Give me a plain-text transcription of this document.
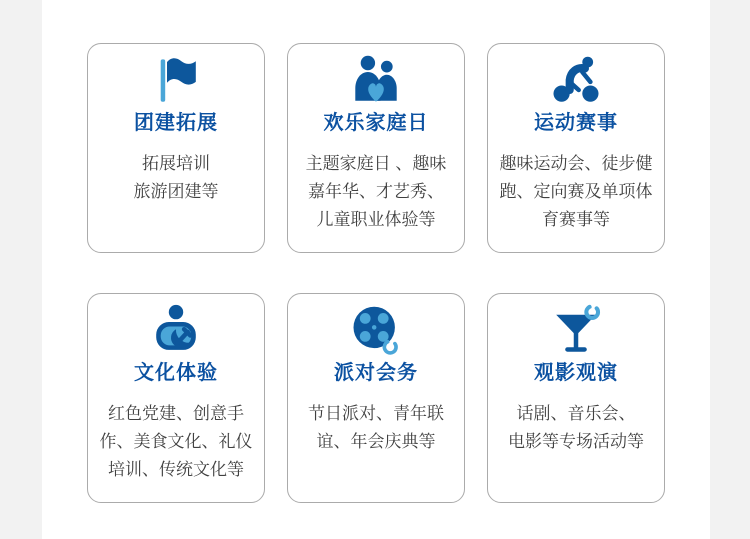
团建拓展
拓展培训
旅游团建等
欢乐家庭日
主题家庭日 、趣味
嘉年华、才艺秀、
儿童职业体验等
运动赛事
趣味运动会、徒步健
跑、定向赛及单项体
育赛事等
文化体验
红色党建、创意手
作、美食文化、礼仪
培训、传统文化等
派对会务
节日派对、青年联
谊、年会庆典等
观影观演
话剧、音乐会、
电影等专场活动等
